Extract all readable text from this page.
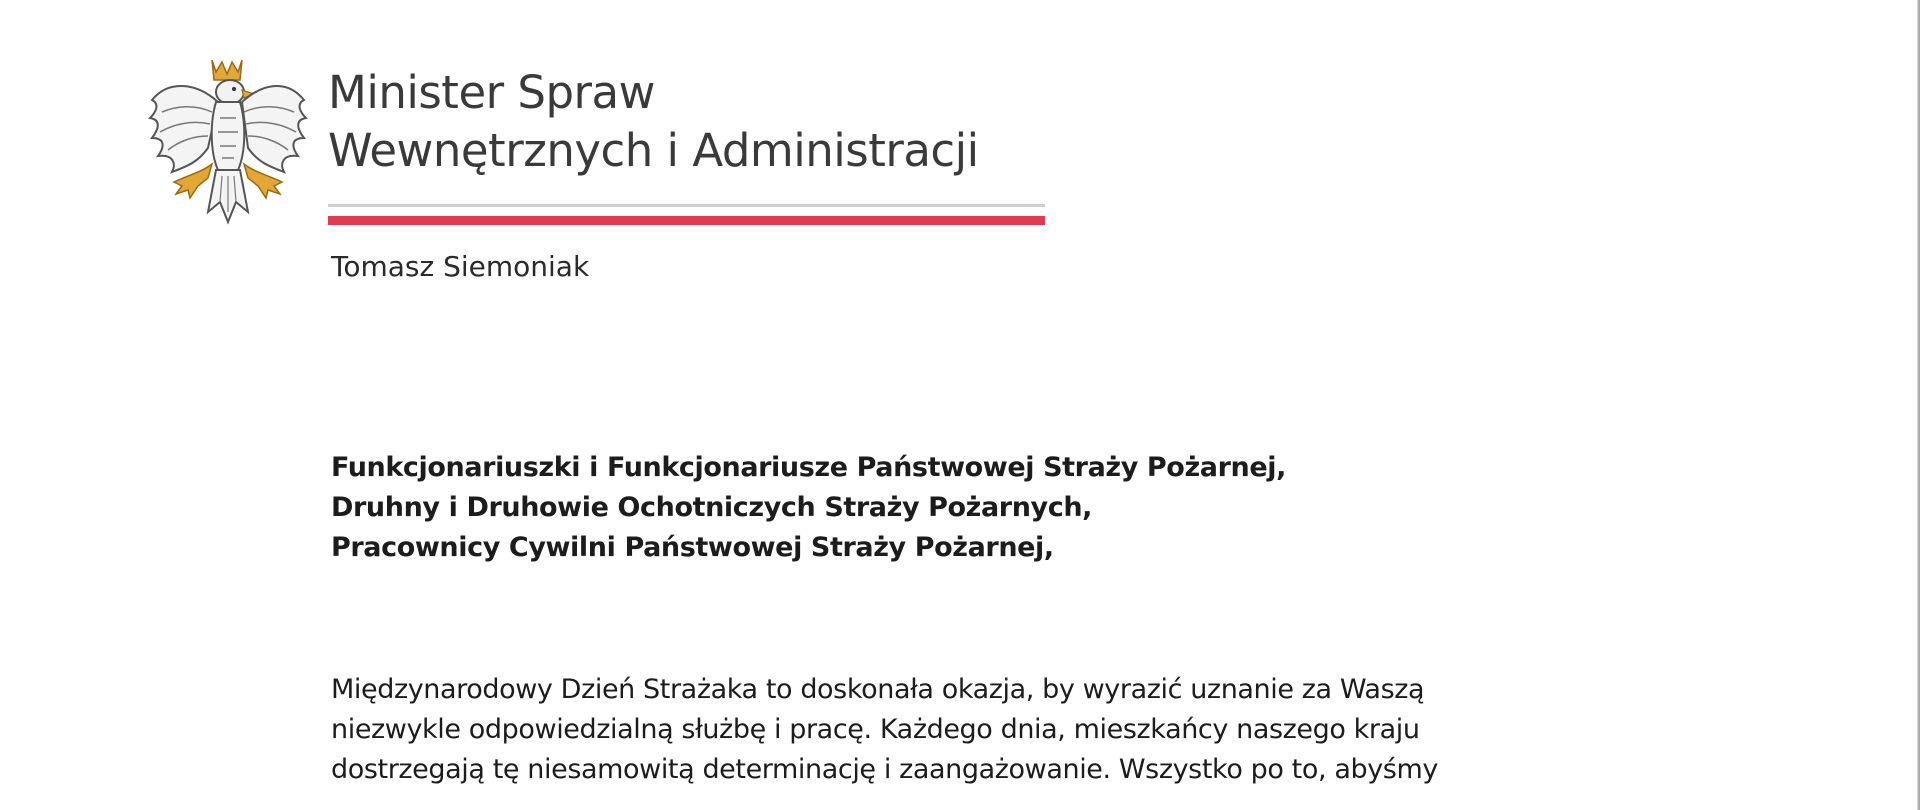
Minister Spraw
Wewnętrznych i Administracji
Tomasz Siemoniak
Funkcjonariuszki i Funkcjonariusze Państwowej Straży Pożarnej,
Druhny i Druhowie Ochotniczych Straży Pożarnych,
Pracownicy Cywilni Państwowej Straży Pożarnej,
Międzynarodowy Dzień Strażaka to doskonała okazja, by wyrazić uznanie za Waszą
niezwykle odpowiedzialną służbę i pracę. Każdego dnia, mieszkańcy naszego kraju
dostrzegają tę niesamowitą determinację i zaangażowanie. Wszystko po to, abyśmy
